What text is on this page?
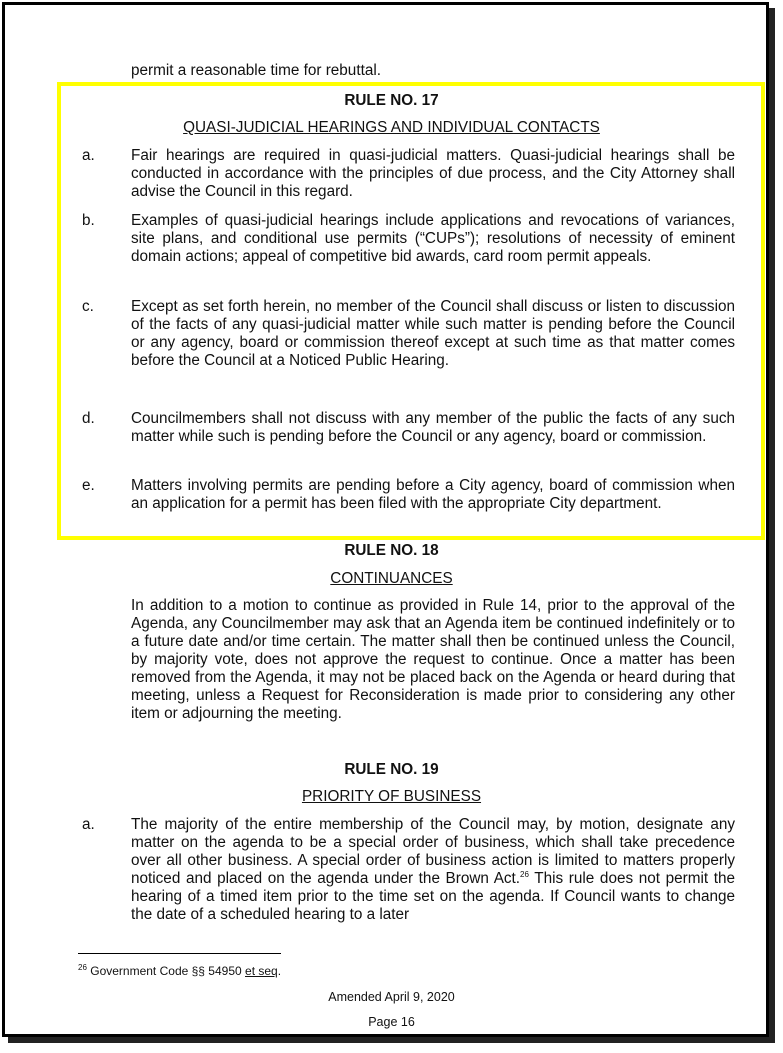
permit a reasonable time for rebuttal.
RULE NO. 17
QUASI-JUDICIAL HEARINGS AND INDIVIDUAL CONTACTS
a. Fair hearings are required in quasi-judicial matters. Quasi-judicial hearings shall be conducted in accordance with the principles of due process, and the City Attorney shall advise the Council in this regard.
b. Examples of quasi-judicial hearings include applications and revocations of variances, site plans, and conditional use permits (“CUPs”); resolutions of necessity of eminent domain actions; appeal of competitive bid awards, card room permit appeals.
c. Except as set forth herein, no member of the Council shall discuss or listen to discussion of the facts of any quasi-judicial matter while such matter is pending before the Council or any agency, board or commission thereof except at such time as that matter comes before the Council at a Noticed Public Hearing.
d. Councilmembers shall not discuss with any member of the public the facts of any such matter while such is pending before the Council or any agency, board or commission.
e. Matters involving permits are pending before a City agency, board of commission when an application for a permit has been filed with the appropriate City department.
RULE NO. 18
CONTINUANCES
In addition to a motion to continue as provided in Rule 14, prior to the approval of the Agenda, any Councilmember may ask that an Agenda item be continued indefinitely or to a future date and/or time certain. The matter shall then be continued unless the Council, by majority vote, does not approve the request to continue. Once a matter has been removed from the Agenda, it may not be placed back on the Agenda or heard during that meeting, unless a Request for Reconsideration is made prior to considering any other item or adjourning the meeting.
RULE NO. 19
PRIORITY OF BUSINESS
a. The majority of the entire membership of the Council may, by motion, designate any matter on the agenda to be a special order of business, which shall take precedence over all other business. A special order of business action is limited to matters properly noticed and placed on the agenda under the Brown Act.$^{26}$ This rule does not permit the hearing of a timed item prior to the time set on the agenda. If Council wants to change the date of a scheduled hearing to a later
$^{26}$ Government Code §§ 54950 et seq.
Amended April 9, 2020
Page 16
